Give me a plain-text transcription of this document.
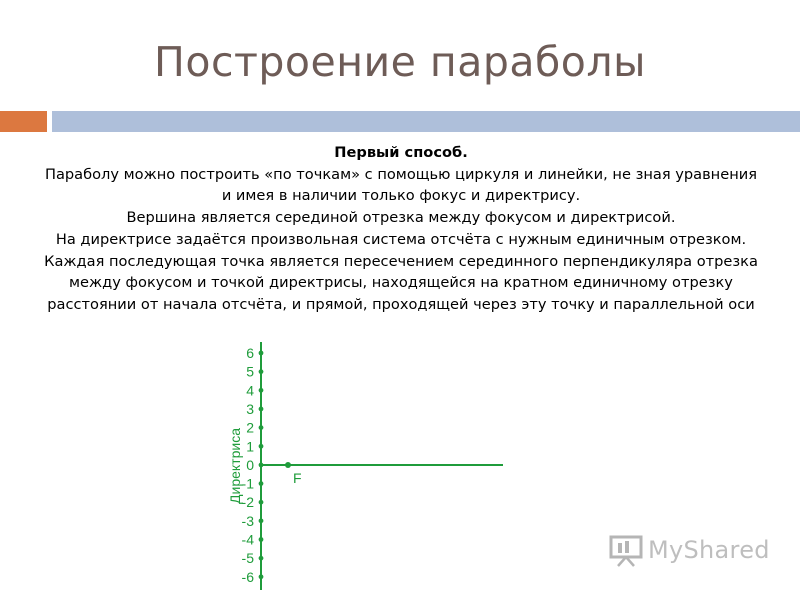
Построение параболы
Первый способ.
Параболу можно построить «по точкам» с помощью циркуля и линейки, не зная уравнения
и имея в наличии только фокус и директрису.
Вершина является серединой отрезка между фокусом и директрисой.
На директрисе задаётся произвольная система отсчёта с нужным единичным отрезком.
Каждая последующая точка является пересечением серединного перпендикуляра отрезка
между фокусом и точкой директрисы, находящейся на кратном единичному отрезку
расстоянии от начала отсчёта, и прямой, проходящей через эту точку и параллельной оси
F
Директриса
6
5
4
3
2
1
0
-1
-2
-3
-4
-5
-6
MyShared
